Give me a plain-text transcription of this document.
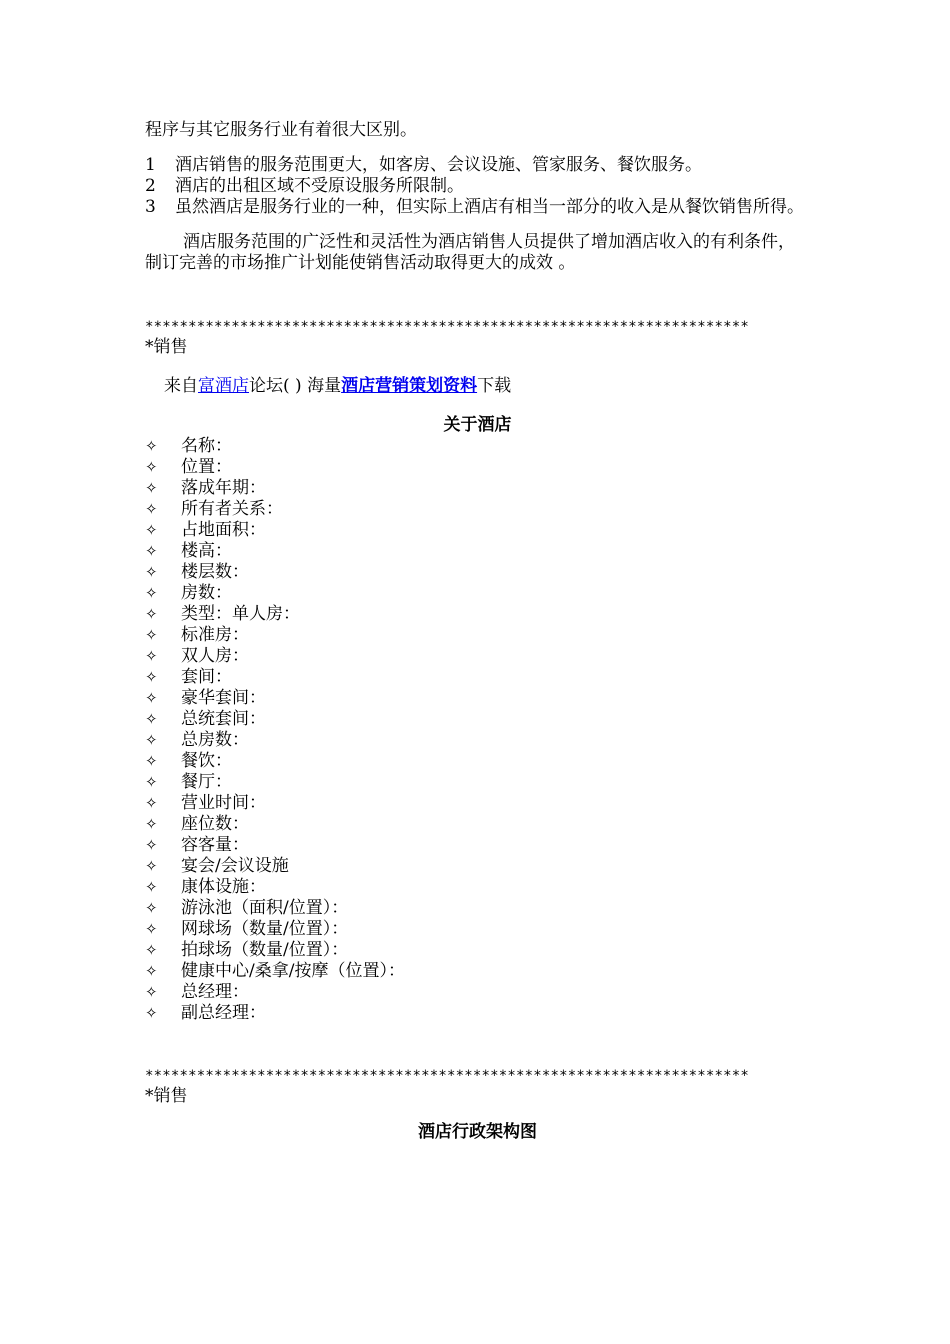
程序与其它服务行业有着很大区别。

1	酒店销售的服务范围更大，如客房、会议设施、管家服务、餐饮服务。
2	酒店的出租区域不受原设服务所限制。
3	虽然酒店是服务行业的一种，但实际上酒店有相当一部分的收入是从餐饮销售所得。

酒店服务范围的广泛性和灵活性为酒店销售人员提供了增加酒店收入的有利条件，制订完善的市场推广计划能使销售活动取得更大的成效 。

**********************************************************************

*销售

来自富酒店论坛( ) 海量酒店营销策划资料下载

关于酒店
✧	名称：
✧	位置：
✧	落成年期：
✧	所有者关系：
✧	占地面积：
✧	楼高：
✧	楼层数：
✧	房数：
✧	类型：单人房：
✧	标准房：
✧	双人房：
✧	套间：
✧	豪华套间：
✧	总统套间：
✧	总房数：
✧	餐饮：
✧	餐厅：
✧	营业时间：
✧	座位数：
✧	容客量：
✧	宴会/会议设施
✧	康体设施：
✧	游泳池（面积/位置）：
✧	网球场（数量/位置）：
✧	拍球场（数量/位置）：
✧	健康中心/桑拿/按摩（位置）：
✧	总经理：
✧	副总经理：
**********************************************************************

*销售

酒店行政架构图
